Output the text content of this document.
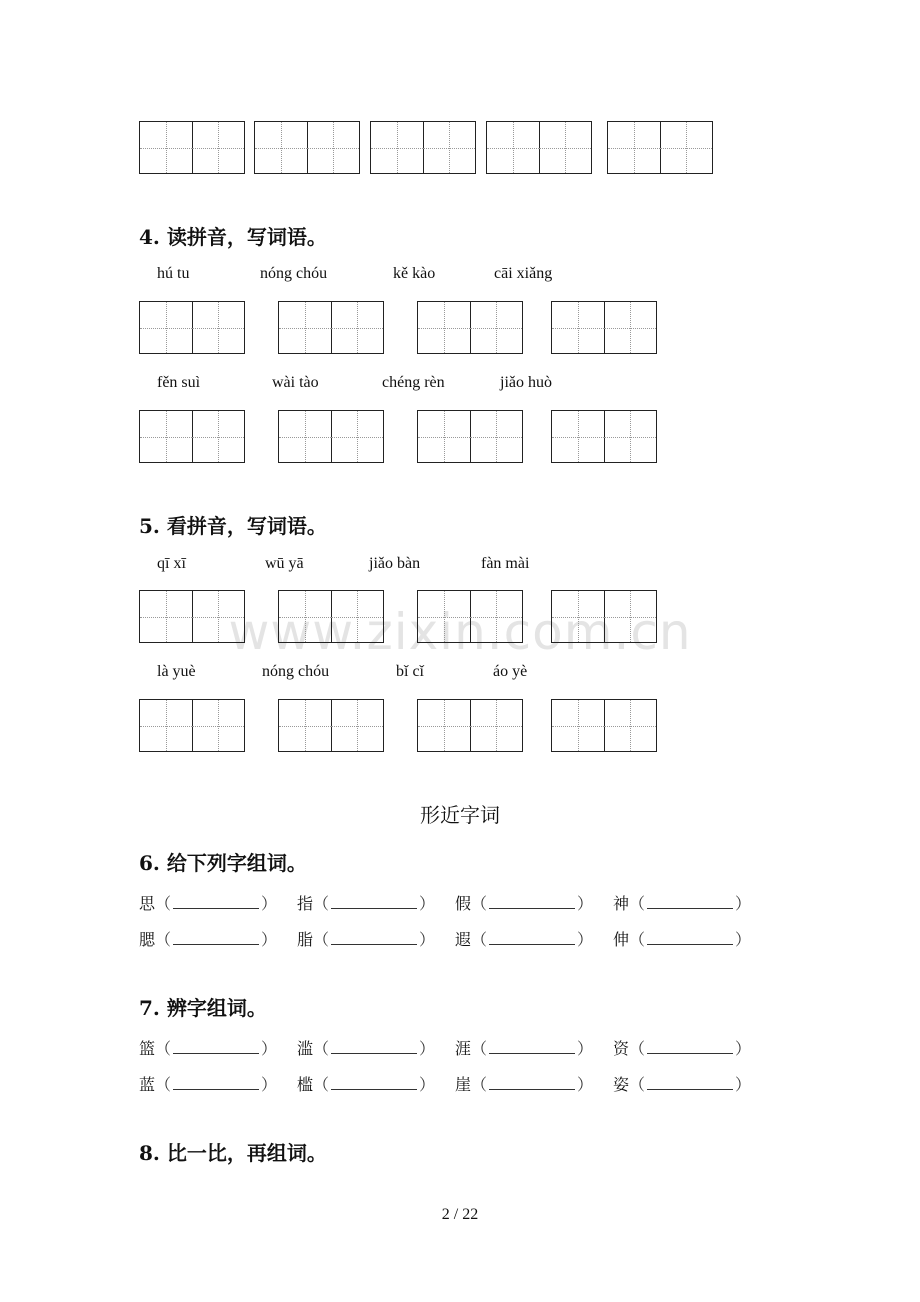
www.zixin.com.cn
4. 读拼音，写词语。
hú tu	nóng chóu	kě kào	cāi xiǎng
fěn suì	wài tào	chéng rèn	jiǎo huò
5. 看拼音，写词语。
qī xī	wū yā	jiǎo bàn	fàn mài
là yuè	nóng chóu	bǐ cǐ	áo yè
形近字词
6. 给下列字组词。
思（	） 指（	） 假（	） 神（	）
腮（	） 脂（	） 遐（	） 伸（	）
7. 辨字组词。
篮（	） 滥（	） 涯（	） 资（	）
蓝（	） 槛（	） 崖（	） 姿（	）
8. 比一比，再组词。
2 / 22
